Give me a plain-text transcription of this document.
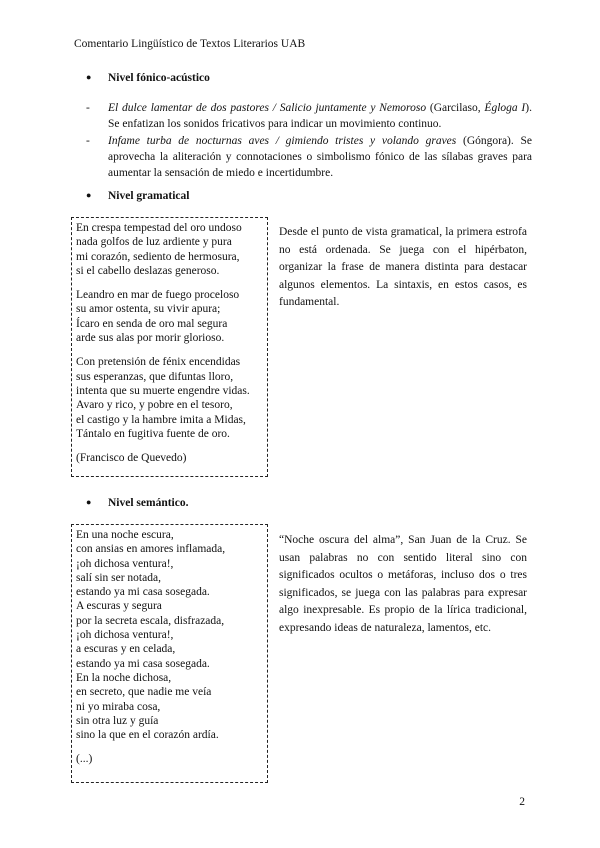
Comentario Lingüístico de Textos Literarios UAB
● Nivel fónico-acústico
-	El dulce lamentar de dos pastores / Salicio juntamente y Nemoroso (Garcilaso, Égloga I). Se enfatizan los sonidos fricativos para indicar un movimiento continuo.
-	Infame turba de nocturnas aves / gimiendo tristes y volando graves (Góngora). Se aprovecha la aliteración y connotaciones o simbolismo fónico de las sílabas graves para aumentar la sensación de miedo e incertidumbre.
● Nivel gramatical
En crespa tempestad del oro undoso
nada golfos de luz ardiente y pura
mi corazón, sediento de hermosura,
si el cabello deslazas generoso.
Leandro en mar de fuego proceloso
su amor ostenta, su vivir apura;
Ícaro en senda de oro mal segura
arde sus alas por morir glorioso.
Con pretensión de fénix encendidas
sus esperanzas, que difuntas lloro,
intenta que su muerte engendre vidas.
Avaro y rico, y pobre en el tesoro,
el castigo y la hambre imita a Midas,
Tántalo en fugitiva fuente de oro.
(Francisco de Quevedo)
Desde el punto de vista gramatical, la primera estrofa no está ordenada. Se juega con el hipérbaton, organizar la frase de manera distinta para destacar algunos elementos. La sintaxis, en estos casos, es fundamental.
● Nivel semántico.
En una noche escura,
con ansias en amores inflamada,
¡oh dichosa ventura!,
salí sin ser notada,
estando ya mi casa sosegada.
A escuras y segura
por la secreta escala, disfrazada,
¡oh dichosa ventura!,
a escuras y en celada,
estando ya mi casa sosegada.
En la noche dichosa,
en secreto, que nadie me veía
ni yo miraba cosa,
sin otra luz y guía
sino la que en el corazón ardía.
(...)
“Noche oscura del alma”, San Juan de la Cruz. Se usan palabras no con sentido literal sino con significados ocultos o metáforas, incluso dos o tres significados, se juega con las palabras para expresar algo inexpresable. Es propio de la lírica tradicional, expresando ideas de naturaleza, lamentos, etc.
2
